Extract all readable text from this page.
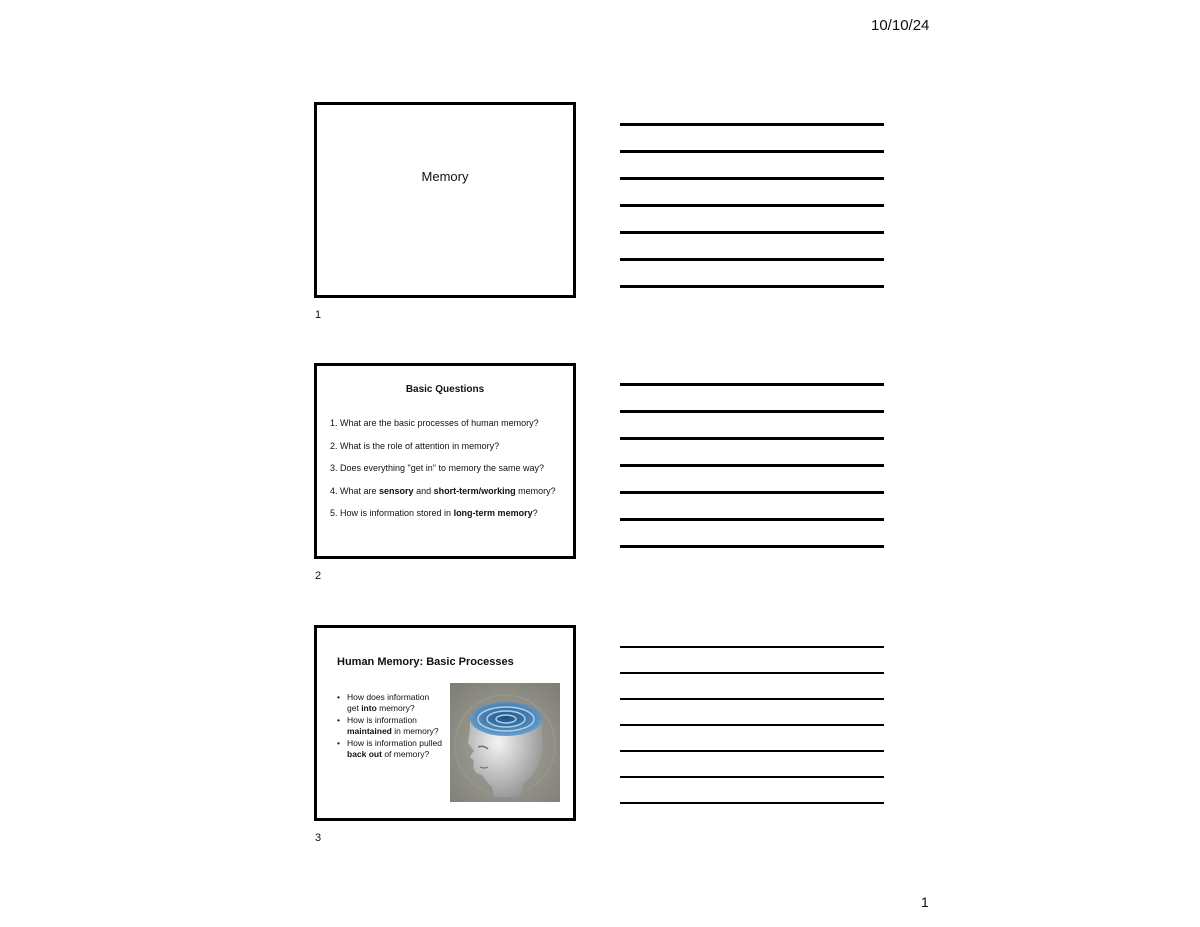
10/10/24
Memory
1
Basic Questions
1. What are the basic processes of human memory?
2. What is the role of attention in memory?
3. Does everything "get in" to memory the same way?
4. What are sensory and short-term/working memory?
5. How is information stored in long-term memory?
2
Human Memory: Basic Processes
• How does information get into memory?
• How is information maintained in memory?
• How is information pulled back out of memory?
3
1
